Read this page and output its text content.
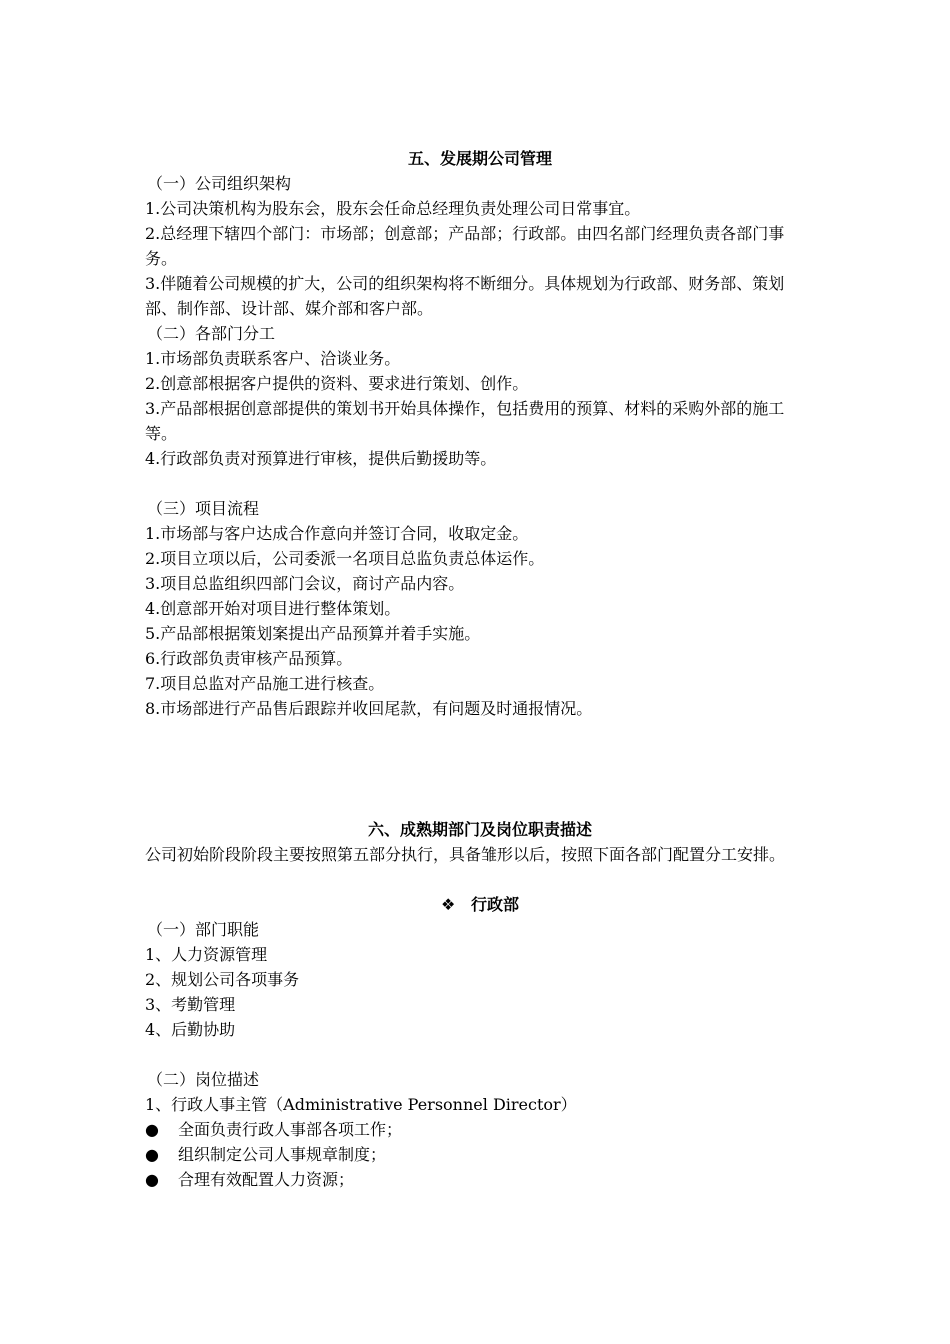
五、发展期公司管理
（一）公司组织架构
1.公司决策机构为股东会，股东会任命总经理负责处理公司日常事宜。
2.总经理下辖四个部门：市场部；创意部；产品部；行政部。由四名部门经理负责各部门事务。
3.伴随着公司规模的扩大，公司的组织架构将不断细分。具体规划为行政部、财务部、策划部、制作部、设计部、媒介部和客户部。
（二）各部门分工
1.市场部负责联系客户、洽谈业务。
2.创意部根据客户提供的资料、要求进行策划、创作。
3.产品部根据创意部提供的策划书开始具体操作，包括费用的预算、材料的采购外部的施工等。
4.行政部负责对预算进行审核，提供后勤援助等。
（三）项目流程
1.市场部与客户达成合作意向并签订合同，收取定金。
2.项目立项以后，公司委派一名项目总监负责总体运作。
3.项目总监组织四部门会议，商讨产品内容。
4.创意部开始对项目进行整体策划。
5.产品部根据策划案提出产品预算并着手实施。
6.行政部负责审核产品预算。
7.项目总监对产品施工进行核查。
8.市场部进行产品售后跟踪并收回尾款，有问题及时通报情况。
六、成熟期部门及岗位职责描述
公司初始阶段阶段主要按照第五部分执行，具备雏形以后，按照下面各部门配置分工安排。
❖ 行政部
（一）部门职能
1、人力资源管理
2、规划公司各项事务
3、考勤管理
4、后勤协助
（二）岗位描述
1、行政人事主管（Administrative Personnel Director）
●	全面负责行政人事部各项工作；
●	组织制定公司人事规章制度；
●	合理有效配置人力资源；
